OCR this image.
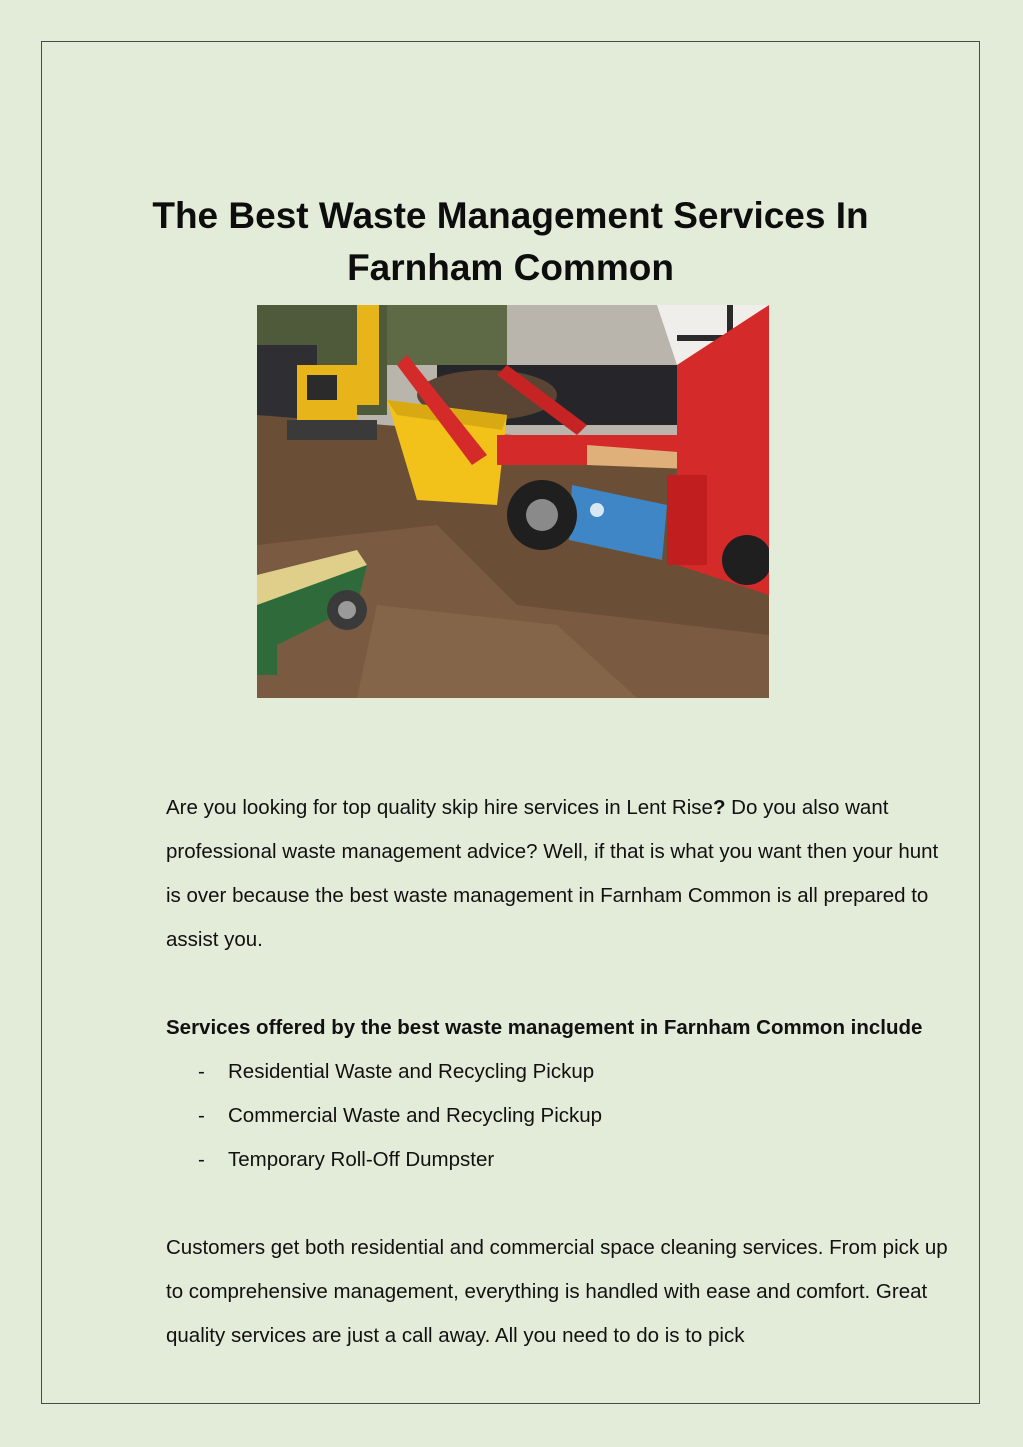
The Best Waste Management Services In
Farnham Common

Are you looking for top quality skip hire services in Lent Rise? Do you also want professional waste management advice? Well, if that is what you want then your hunt is over because the best waste management in Farnham Common is all prepared to assist you.

Services offered by the best waste management in Farnham Common include

- Residential Waste and Recycling Pickup
- Commercial Waste and Recycling Pickup
- Temporary Roll-Off Dumpster

Customers get both residential and commercial space cleaning services. From pick up to comprehensive management, everything is handled with ease and comfort. Great quality services are just a call away. All you need to do is to pick
